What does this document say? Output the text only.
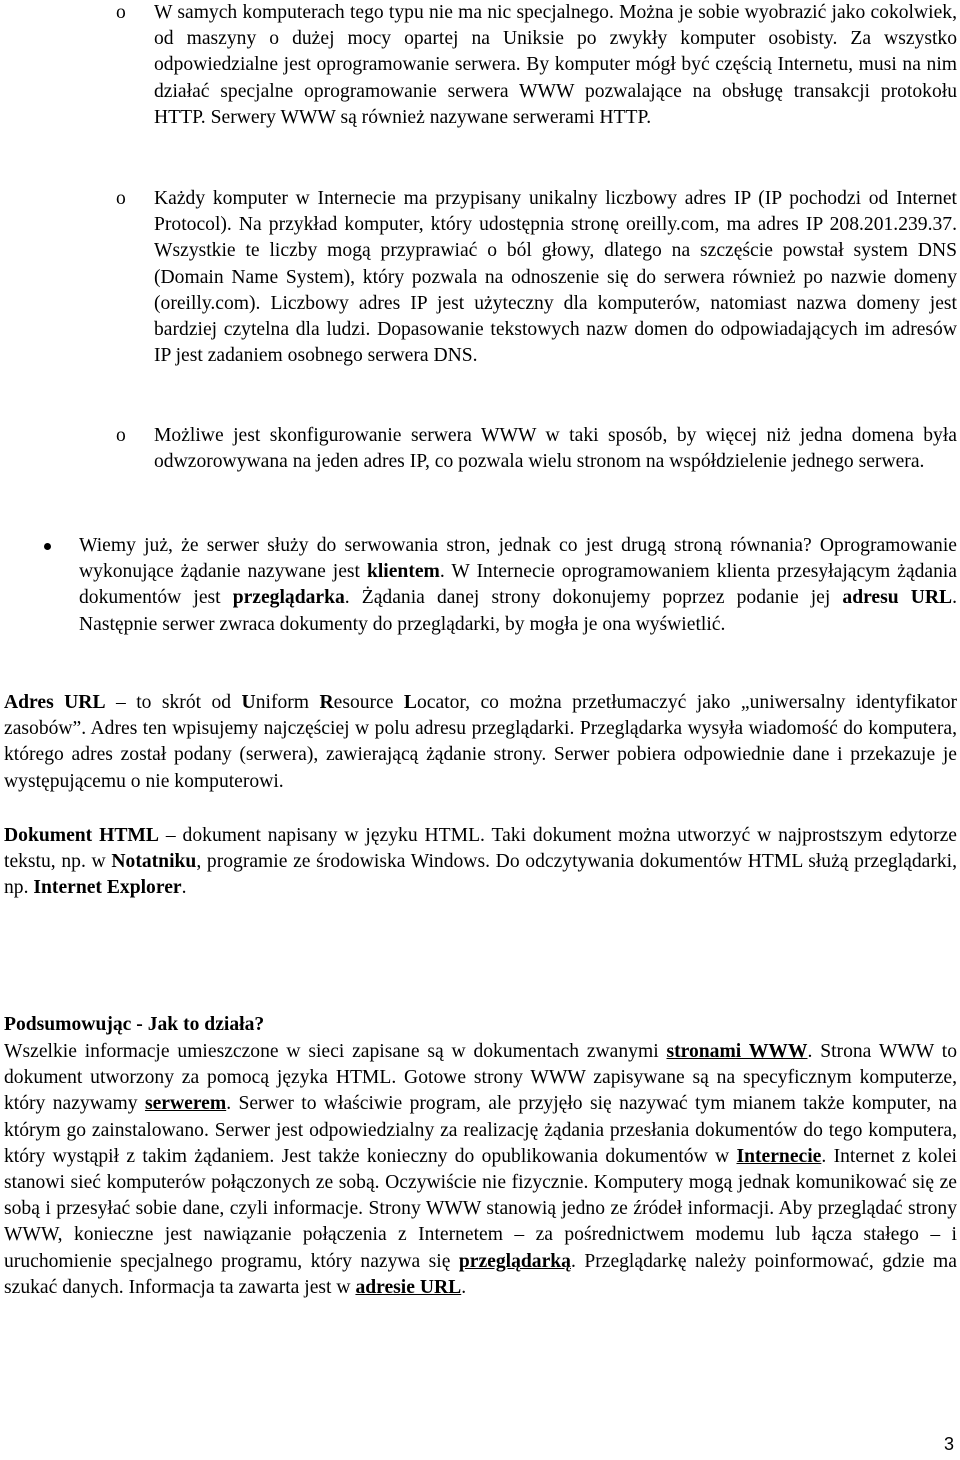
o W samych komputerach tego typu nie ma nic specjalnego. Można je sobie wyobrazić jako cokolwiek, od maszyny o dużej mocy opartej na Uniksie po zwykły komputer osobisty. Za wszystko odpowiedzialne jest oprogramowanie serwera. By komputer mógł być częścią Internetu, musi na nim działać specjalne oprogramowanie serwera WWW pozwalające na obsługę transakcji protokołu HTTP. Serwery WWW są również nazywane serwerami HTTP.
o Każdy komputer w Internecie ma przypisany unikalny liczbowy adres IP (IP pochodzi od Internet Protocol). Na przykład komputer, który udostępnia stronę oreilly.com, ma adres IP 208.201.239.37. Wszystkie te liczby mogą przyprawiać o ból głowy, dlatego na szczęście powstał system DNS (Domain Name System), który pozwala na odnoszenie się do serwera również po nazwie domeny (oreilly.com). Liczbowy adres IP jest użyteczny dla komputerów, natomiast nazwa domeny jest bardziej czytelna dla ludzi. Dopasowanie tekstowych nazw domen do odpowiadających im adresów IP jest zadaniem osobnego serwera DNS.
o Możliwe jest skonfigurowanie serwera WWW w taki sposób, by więcej niż jedna domena była odwzorowywana na jeden adres IP, co pozwala wielu stronom na współdzielenie jednego serwera.
Wiemy już, że serwer służy do serwowania stron, jednak co jest drugą stroną równania? Oprogramowanie wykonujące żądanie nazywane jest klientem. W Internecie oprogramowaniem klienta przesyłającym żądania dokumentów jest przeglądarka. Żądania danej strony dokonujemy poprzez podanie jej adresu URL. Następnie serwer zwraca dokumenty do przeglądarki, by mogła je ona wyświetlić.

Adres URL – to skrót od Uniform Resource Locator, co można przetłumaczyć jako „uniwersalny identyfikator zasobów”. Adres ten wpisujemy najczęściej w polu adresu przeglądarki. Przeglądarka wysyła wiadomość do komputera, którego adres został podany (serwera), zawierającą żądanie strony. Serwer pobiera odpowiednie dane i przekazuje je występującemu o nie komputerowi.

Dokument HTML – dokument napisany w języku HTML. Taki dokument można utworzyć w najprostszym edytorze tekstu, np. w Notatniku, programie ze środowiska Windows. Do odczytywania dokumentów HTML służą przeglądarki, np. Internet Explorer.

Podsumowując - Jak to działa?

Wszelkie informacje umieszczone w sieci zapisane są w dokumentach zwanymi stronami WWW. Strona WWW to dokument utworzony za pomocą języka HTML. Gotowe strony WWW zapisywane są na specyficznym komputerze, który nazywamy serwerem. Serwer to właściwie program, ale przyjęło się nazywać tym mianem także komputer, na którym go zainstalowano. Serwer jest odpowiedzialny za realizację żądania przesłania dokumentów do tego komputera, który wystąpił z takim żądaniem. Jest także konieczny do opublikowania dokumentów w Internecie. Internet z kolei stanowi sieć komputerów połączonych ze sobą. Oczywiście nie fizycznie. Komputery mogą jednak komunikować się ze sobą i przesyłać sobie dane, czyli informacje. Strony WWW stanowią jedno ze źródeł informacji. Aby przeglądać strony WWW, konieczne jest nawiązanie połączenia z Internetem – za pośrednictwem modemu lub łącza stałego – i uruchomienie specjalnego programu, który nazywa się przeglądarką. Przeglądarkę należy poinformować, gdzie ma szukać danych. Informacja ta zawarta jest w adresie URL.

3
